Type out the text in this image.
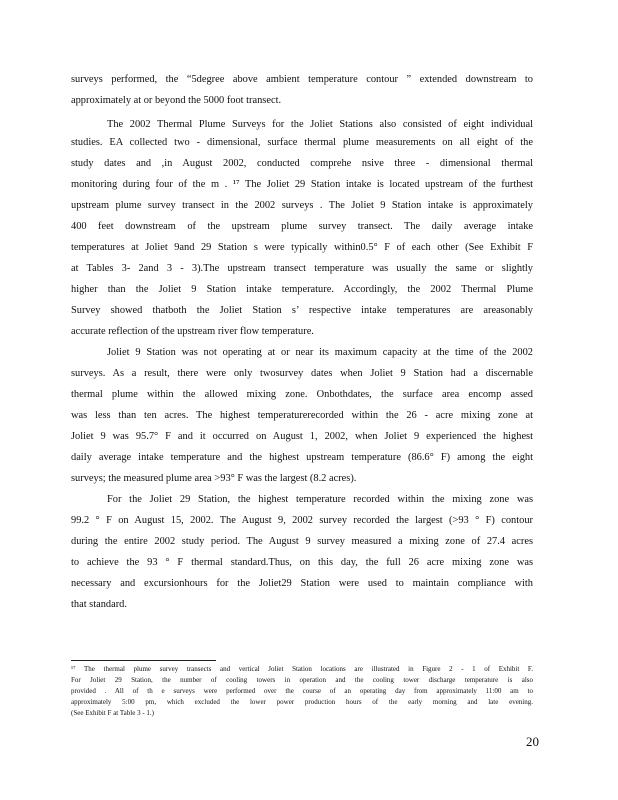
surveys performed, the “5degree above ambient temperature contour ” extended downstream to
approximately at or beyond the 5000 foot transect.
The 2002 Thermal Plume Surveys for the Joliet Stations also consisted of eight individual
studies. EA collected two - dimensional, surface thermal plume measurements on all eight of the
study dates and ,in August 2002, conducted comprehe nsive three - dimensional thermal
monitoring during four of the m . ¹⁷ The Joliet 29 Station intake is located upstream of the furthest
upstream plume survey transect in the 2002 surveys . The Joliet 9 Station intake is approximately
400 feet downstream of the upstream plume survey transect. The daily average intake
temperatures at Joliet 9and 29 Station s were typically within0.5° F of each other (See Exhibit F
at Tables 3- 2and 3 - 3).The upstream transect temperature was usually the same or slightly
higher than the Joliet 9 Station intake temperature. Accordingly, the 2002 Thermal Plume
Survey showed thatboth the Joliet Station s’ respective intake temperatures are areasonably
accurate reflection of the upstream river flow temperature.
Joliet 9 Station was not operating at or near its maximum capacity at the time of the 2002
surveys. As a result, there were only twosurvey dates when Joliet 9 Station had a discernable
thermal plume within the allowed mixing zone. Onbothdates, the surface area encomp assed
was less than ten acres. The highest temperaturerecorded within the 26 - acre mixing zone at
Joliet 9 was 95.7° F and it occurred on August 1, 2002, when Joliet 9 experienced the highest
daily average intake temperature and the highest upstream temperature (86.6° F) among the eight
surveys; the measured plume area >93° F was the largest (8.2 acres).
For the Joliet 29 Station, the highest temperature recorded within the mixing zone was
99.2 ° F on August 15, 2002. The August 9, 2002 survey recorded the largest (>93 ° F) contour
during the entire 2002 study period. The August 9 survey measured a mixing zone of 27.4 acres
to achieve the 93 ° F thermal standard.Thus, on this day, the full 26 acre mixing zone was
necessary and excursionhours for the Joliet29 Station were used to maintain compliance with
that standard.
¹⁷ The thermal plume survey transects and vertical Joliet Station locations are illustrated in Figure 2 - 1 of Exhibit F.
For Joliet 29 Station, the number of cooling towers in operation and the cooling tower discharge temperature is also
provided . All of th e surveys were performed over the course of an operating day from approximately 11:00 am to
approximately 5:00 pm, which excluded the lower power production hours of the early morning and late evening.
(See Exhibit F at Table 3 - 1.)
20
